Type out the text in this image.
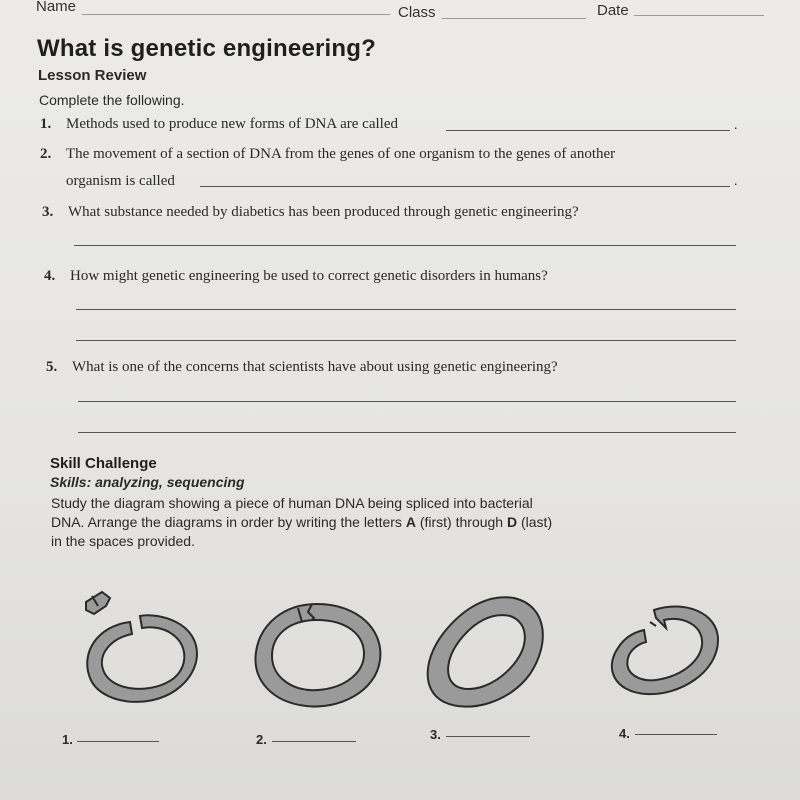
Name	Class	Date
What is genetic engineering?
Lesson Review
Complete the following.
1. Methods used to produce new forms of DNA are called	.
2. The movement of a section of DNA from the genes of one organism to the genes of another
organism is called	.
3. What substance needed by diabetics has been produced through genetic engineering?
4. How might genetic engineering be used to correct genetic disorders in humans?
5. What is one of the concerns that scientists have about using genetic engineering?
Skill Challenge
Skills: analyzing, sequencing
Study the diagram showing a piece of human DNA being spliced into bacterial
DNA. Arrange the diagrams in order by writing the letters A (first) through D (last)
in the spaces provided.
1.	2.	3.	4.
